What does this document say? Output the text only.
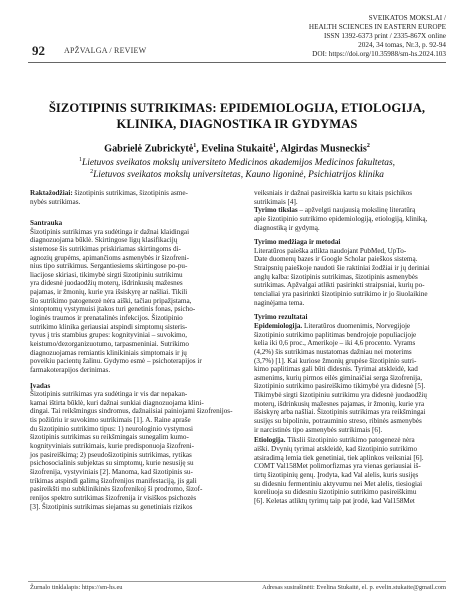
92 APŽVALGA / REVIEW
SVEIKATOS MOKSLAI /
HEALTH SCIENCES IN EASTERN EUROPE
ISSN 1392-6373 print / 2335-867X online
2024, 34 tomas, Nr.3, p. 92-94
DOI: https://doi.org/10.35988/sm-hs.2024.103
ŠIZOTIPINIS SUTRIKIMAS: EPIDEMIOLOGIJA, ETIOLOGIJA,
KLINIKA, DIAGNOSTIKA IR GYDYMAS
Gabrielė Zubrickytė$^1$, Evelina Stukaitė$^1$, Algirdas Musneckis$^2$
$^1$Lietuvos sveikatos mokslų universiteto Medicinos akademijos Medicinos fakultetas,
$^2$Lietuvos sveikatos mokslų universitetas, Kauno ligoninė, Psichiatrijos klinika
Raktažodžiai: šizotipinis sutrikimas, šizotipinis asme-
nybės sutrikimas.
Santrauka
Šizotipinis sutrikimas yra sudėtinga ir dažnai klaidingai
diagnozuojama būklė. Skirtingose ligų klasifikacijų
sistemose šis sutrikimas priskiriamas skirtingoms di-
agnozių grupėms, apimančioms asmenybės ir šizofreni-
nius tipo sutrikimus. Sergantiesiems skirtingose po-pu-
liacijose skiriasi, tikimybė sirgti šizotipiniu sutrikimu
yra didesnė juodaodžių moterų, išdrinkusių mažesnes
pajamas, ir žmonių, kurie yra išsiskyrę ar našliai. Tikili
šio sutrikimo patogenezė nėra aiški, tačiau pripažįstama,
sintoptomų vystymuisi įtakos turi genetinis fonas, psicho-
loginės traumos ir prenatalinės infekcijos. Šizotipinio
sutrikimo klinika geriausiai atspindi simptomų sisteris-
tyvus į tris stambius grupes: kognityviniai – suvokimo,
keistumo/dezorganizuotumo, tarpasmeniniai. Sutrikimo
diagnozuojamas remiantis klinikiniais simptomais ir jų
poveikiu pacientų žalinu. Gydymo esmė – psichoterapijos ir
farmakoterapijos derinimas.
Įvadas
Šizotipinis sutrikimas yra sudėtinga ir vis dar nepakan-
kamai ištirta būklė, kuri dažnai sunkiai diagnozuojama klini-
dingai. Tai reikšmingus sindromus, dažnaiisiai painiojami šizofrenijos-
tis požiūriu ir suvokimo sutrikimais [1]. A. Raine apraše
du šizotipinio sutrikimo tipus: 1) neurologinio vystymosi
šizotipinis sutrikimas su reikšmingais sunegalim kumo-
kognityviniais sutrikimais, kurie predisponuoja šizofreni-
jos pasireiškimą; 2) pseudošizotipinis sutrikimas, rytikas
psichosocialinis subjektas su simptomų, kurie nesusiję su
šizofrenija, vystyviniais [2]. Manoma, kad šizotipinis su-
trikimas atspindi galimą šizofrenijos manifestaciją, jis gali
pasireikšti mo subklinikinės šizofrenikoj ši prodromo, šizof-
renijos spektro sutrikimas šizofrenija ir visiškos psichozės
[3]. Šizotipinis sutrikimas siejamas su genetiniais rizikos
veiksniais ir dažnai pasireiškia kartu su kitais psichikos
sutrikimais [4].
Tyrimo tikslas – apžvelgti naujausią mokslinę literatūrą
apie šizotipinio sutrikimo epidemiologiją, etiologiją, kliniką,
diagnostiką ir gydymą.
Tyrimo medžiaga ir metodai
Literatūros paieška atlikta naudojant PubMed, UpTo-
Date duomenų bazes ir Google Scholar paieškos sistemą.
Straipsnių paieškoje naudoti šie raktiniai žodžiai ir jų deriniai
anglų kalba: šizotipinis sutrikimas, šizotipinis asmenybės
sutrikimas. Apžvalgai atlikti pasirinkti straipsniai, kurių po-
tencialiai yra pasirinkti šizotipinio sutrikimo ir jo šiuolaikine
naginėjama tema.
Tyrimo rezultatai
Epidemiologija. Literatūros duomenimis, Norvegijoje
šizotipinio sutrikimo paplitimas bendrojoje populiacijoje
kelia iki 0,6 proc., Amerikoje – iki 4,6 procento. Vyrams
(4,2%) šis sutrikimas nustatomas dažniau nei moterims
(3,7%) [1]. Kai kuriose žmonių grupėse šizotipinio sutri-
kimo paplitimas gali būti didesnis. Tyrimai atskleidė, kad
asmenims, kurių pirmos eilės giminaičiai serga šizofrenija,
šizotipinio sutrikimo pasireiškimo tikimybė yra didesnė [5].
Tikimybė sirgti šizotipiniu sutrikimu yra didesnė juodaodžių
moterų, išdrinkusių mažesnes pajamas, ir žmonių, kurie yra
išsiskyrę arba našliai. Šizotipinis sutrikimas yra reikšmingai
susijęs su bipoliniu, potrauminio streso, ribinės asmenybės
ir narcistinės tipo asmenybės sutrikimais [6].
Etiologija. Tikslii šizotipinio sutrikimo patogenezė nėra
aiški. Dvynių tyrimai atskleidė, kad šizotipinio sutrikimo
atsiradimą lemia tiek genetiniai, tiek aplinkos veiksniai [6].
COMT Val158Met polimorfizmas yra vienas geriausiai iš-
tirtų šizotipinių genų. Įrodyta, kad Val alelis, kuris susijęs
su didesniu fermentiniu aktyvumu nei Met alelis, tiesiogiai
koreliuoja su didesniu šizotipinio sutrikimo pasireiškimu
[6]. Keletas atliktų tyrimų taip pat įrodė, kad Val158Met
Žurnalo tinklalapis: https://sm-hs.eu	Adresas susirašinėti: Evelina Stukaitė, el. p. evelin.stukaite@gmail.com
